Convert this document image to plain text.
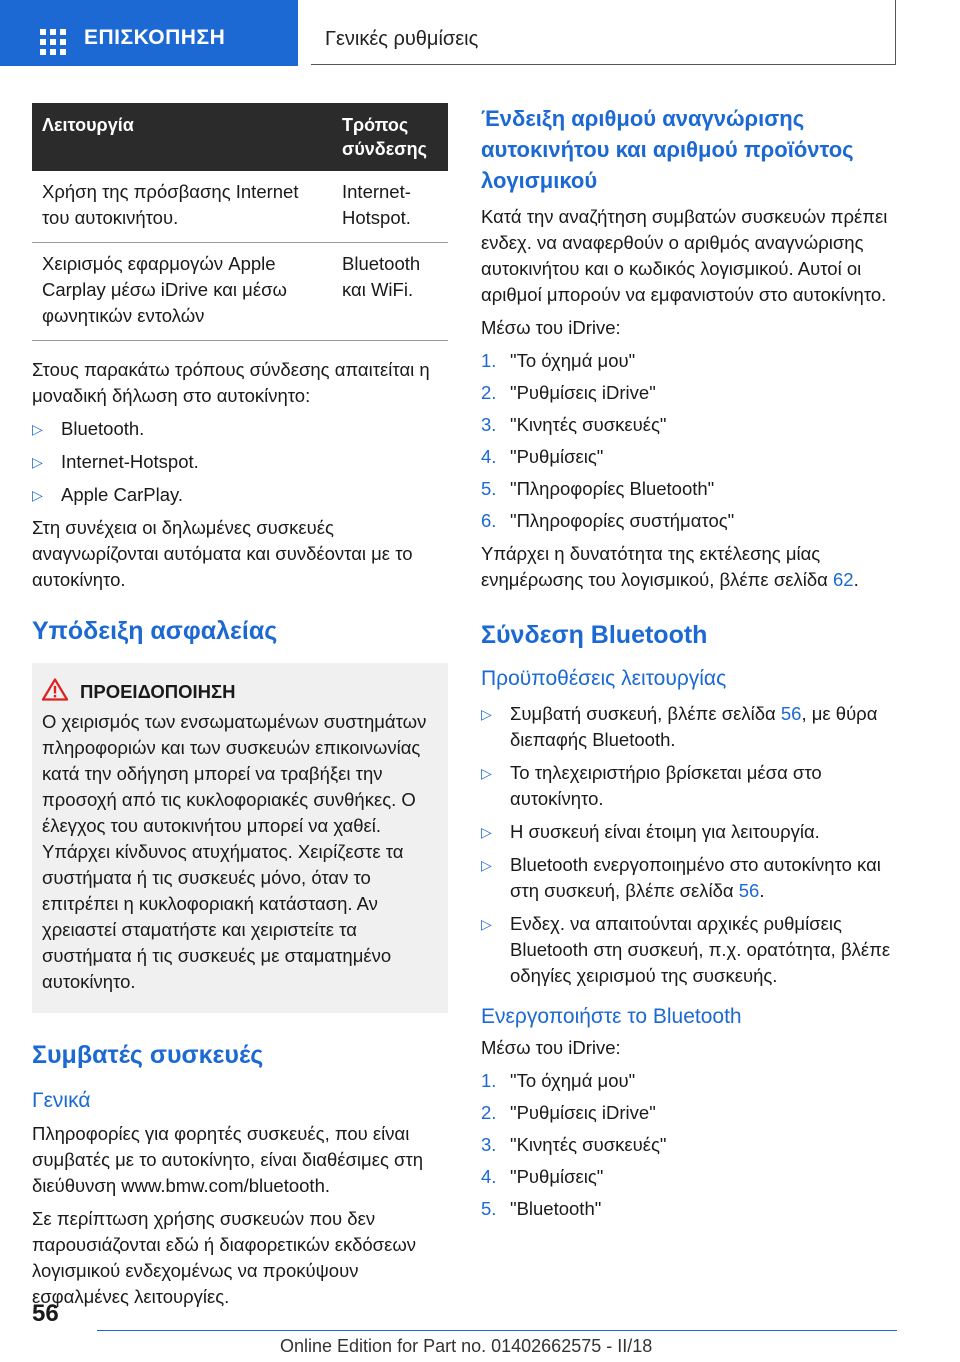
ΕΠΙΣΚΟΠΗΣΗ	Γενικές ρυθμίσεις
Λειτουργία	Τρόπος σύνδεσης
Χρήση της πρόσβασης Internet του αυτοκινήτου.	Internet-Hotspot.
Χειρισμός εφαρμογών Apple Carplay μέσω iDrive και μέσω φωνητικών εντολών	Bluetooth και WiFi.

Στους παρακάτω τρόπους σύνδεσης απαιτείται η μοναδική δήλωση στο αυτοκίνητο:

▷ Bluetooth.
▷ Internet-Hotspot.
▷ Apple CarPlay.

Στη συνέχεια οι δηλωμένες συσκευές αναγνωρίζονται αυτόματα και συνδέονται με το αυτοκίνητο.

Υπόδειξη ασφαλείας
ΠΡΟΕΙΔΟΠΟΙΗΣΗ
Ο χειρισμός των ενσωματωμένων συστημάτων πληροφοριών και των συσκευών επικοινωνίας κατά την οδήγηση μπορεί να τραβήξει την προσοχή από τις κυκλοφοριακές συνθήκες. Ο έλεγχος του αυτοκινήτου μπορεί να χαθεί. Υπάρχει κίνδυνος ατυχήματος. Χειρίζεστε τα συστήματα ή τις συσκευές μόνο, όταν το επιτρέπει η κυκλοφοριακή κατάσταση. Αν χρειαστεί σταματήστε και χειριστείτε τα συστήματα ή τις συσκευές με σταματημένο αυτοκίνητο.
Συμβατές συσκευές
Γενικά

Πληροφορίες για φορητές συσκευές, που είναι συμβατές με το αυτοκίνητο, είναι διαθέσιμες στη διεύθυνση www.bmw.com/bluetooth.

Σε περίπτωση χρήσης συσκευών που δεν παρουσιάζονται εδώ ή διαφορετικών εκδόσεων λογισμικού ενδεχομένως να προκύψουν εσφαλμένες λειτουργίες.

Ένδειξη αριθμού αναγνώρισης αυτοκινήτου και αριθμού προϊόντος λογισμικού

Κατά την αναζήτηση συμβατών συσκευών πρέπει ενδεχ. να αναφερθούν ο αριθμός αναγνώρισης αυτοκινήτου και ο κωδικός λογισμικού. Αυτοί οι αριθμοί μπορούν να εμφανιστούν στο αυτοκίνητο.

Μέσω του iDrive:

1. "Το όχημά μου"
2. "Ρυθμίσεις iDrive"
3. "Κινητές συσκευές"
4. "Ρυθμίσεις"
5. "Πληροφορίες Bluetooth"
6. "Πληροφορίες συστήματος"

Υπάρχει η δυνατότητα της εκτέλεσης μίας ενημέρωσης του λογισμικού, βλέπε σελίδα 62.

Σύνδεση Bluetooth
Προϋποθέσεις λειτουργίας
▷ Συμβατή συσκευή, βλέπε σελίδα 56, με θύρα διεπαφής Bluetooth.
▷ Το τηλεχειριστήριο βρίσκεται μέσα στο αυτοκίνητο.
▷ Η συσκευή είναι έτοιμη για λειτουργία.
▷ Bluetooth ενεργοποιημένο στο αυτοκίνητο και στη συσκευή, βλέπε σελίδα 56.
▷ Ενδεχ. να απαιτούνται αρχικές ρυθμίσεις Bluetooth στη συσκευή, π.χ. ορατότητα, βλέπε οδηγίες χειρισμού της συσκευής.
Ενεργοποιήστε το Bluetooth

Μέσω του iDrive:

1. "Το όχημά μου"
2. "Ρυθμίσεις iDrive"
3. "Κινητές συσκευές"
4. "Ρυθμίσεις"
5. "Bluetooth"
56
Online Edition for Part no. 01402662575 - II/18
